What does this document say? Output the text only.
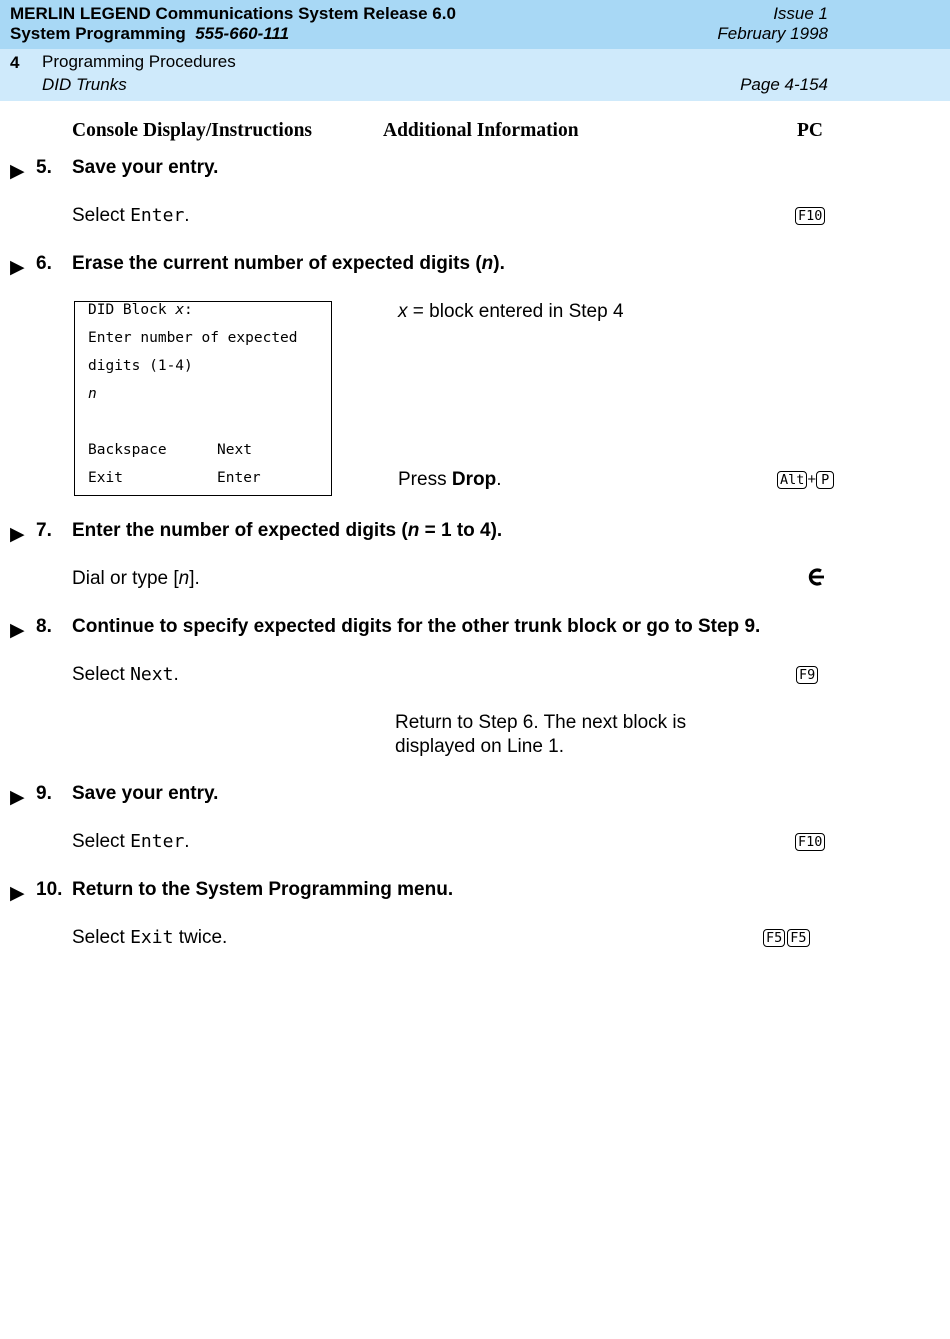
MERLIN LEGEND Communications System Release 6.0
System Programming 555-660-111
Issue 1
February 1998
4 Programming Procedures
DID Trunks	Page 4-154
Console Display/Instructions	Additional Information	PC
▶ 5. Save your entry.
Select Enter.	F10
▶ 6. Erase the current number of expected digits (n).
DID Block x:
Enter number of expected
digits (1-4)
n
Backspace	Next
Exit	Enter
x = block entered in Step 4
Press Drop.	Alt + P
▶ 7. Enter the number of expected digits (n = 1 to 4).
Dial or type [n].
▶ 8. Continue to specify expected digits for the other trunk block or go to Step 9.
Select Next.	F9
Return to Step 6. The next block is
displayed on Line 1.
▶ 9. Save your entry.
Select Enter.	F10
▶ 10. Return to the System Programming menu.
Select Exit twice.	F5 F5
